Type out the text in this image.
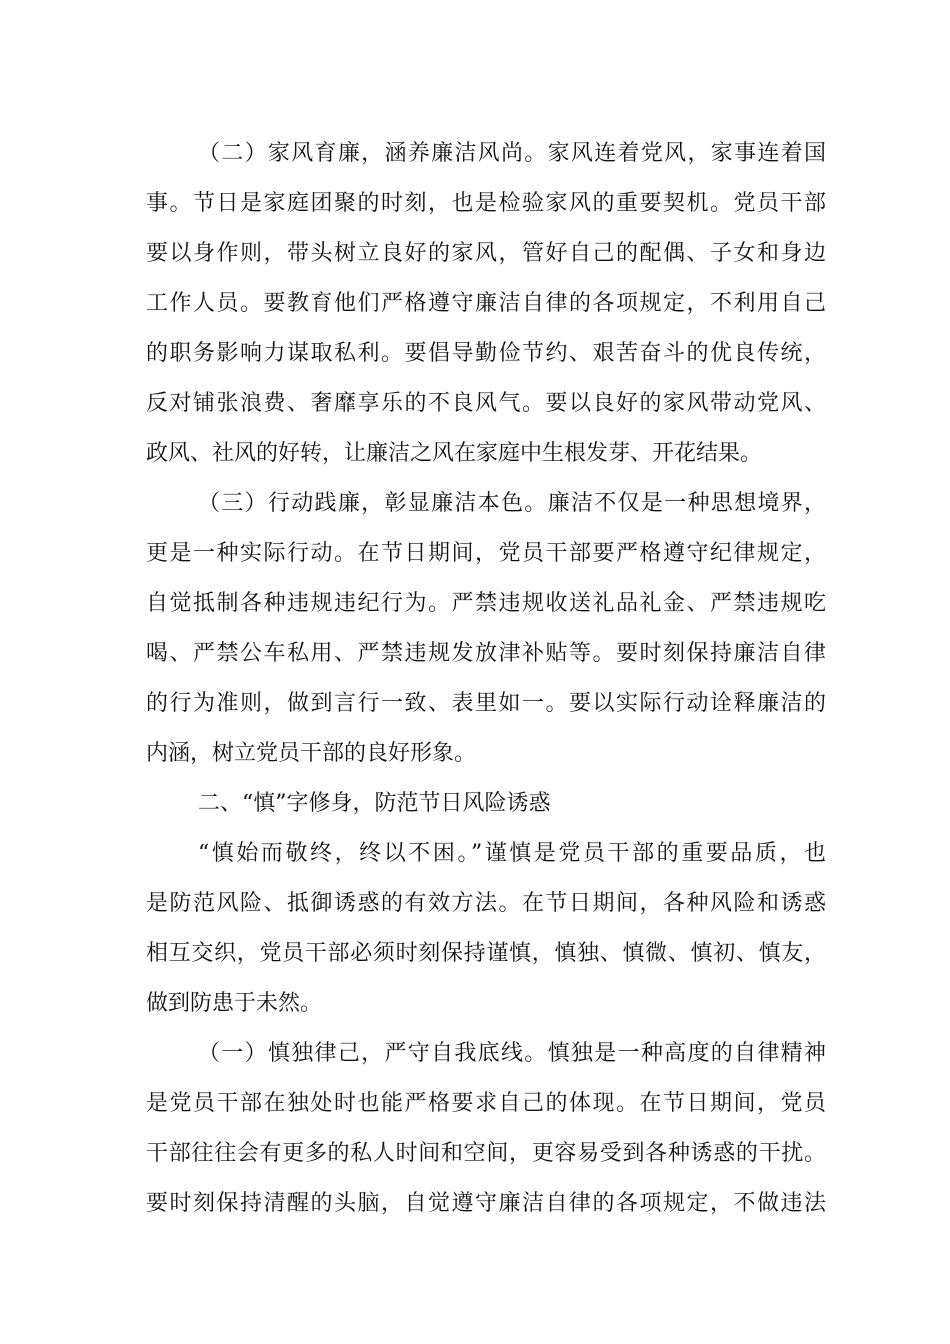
（二）家风育廉，涵养廉洁风尚。家风连着党风，家事连着国
事。节日是家庭团聚的时刻，也是检验家风的重要契机。党员干部
要以身作则，带头树立良好的家风，管好自己的配偶、子女和身边
工作人员。要教育他们严格遵守廉洁自律的各项规定，不利用自己
的职务影响力谋取私利。要倡导勤俭节约、艰苦奋斗的优良传统，
反对铺张浪费、奢靡享乐的不良风气。要以良好的家风带动党风、
政风、社风的好转，让廉洁之风在家庭中生根发芽、开花结果。
（三）行动践廉，彰显廉洁本色。廉洁不仅是一种思想境界，
更是一种实际行动。在节日期间，党员干部要严格遵守纪律规定，
自觉抵制各种违规违纪行为。严禁违规收送礼品礼金、严禁违规吃
喝、严禁公车私用、严禁违规发放津补贴等。要时刻保持廉洁自律
的行为准则，做到言行一致、表里如一。要以实际行动诠释廉洁的
内涵，树立党员干部的良好形象。
二、“慎”字修身，防范节日风险诱惑
“慎始而敬终，终以不困。”谨慎是党员干部的重要品质，也
是防范风险、抵御诱惑的有效方法。在节日期间，各种风险和诱惑
相互交织，党员干部必须时刻保持谨慎，慎独、慎微、慎初、慎友，
做到防患于未然。
（一）慎独律己，严守自我底线。慎独是一种高度的自律精神
是党员干部在独处时也能严格要求自己的体现。在节日期间，党员
干部往往会有更多的私人时间和空间，更容易受到各种诱惑的干扰。
要时刻保持清醒的头脑，自觉遵守廉洁自律的各项规定，不做违法
